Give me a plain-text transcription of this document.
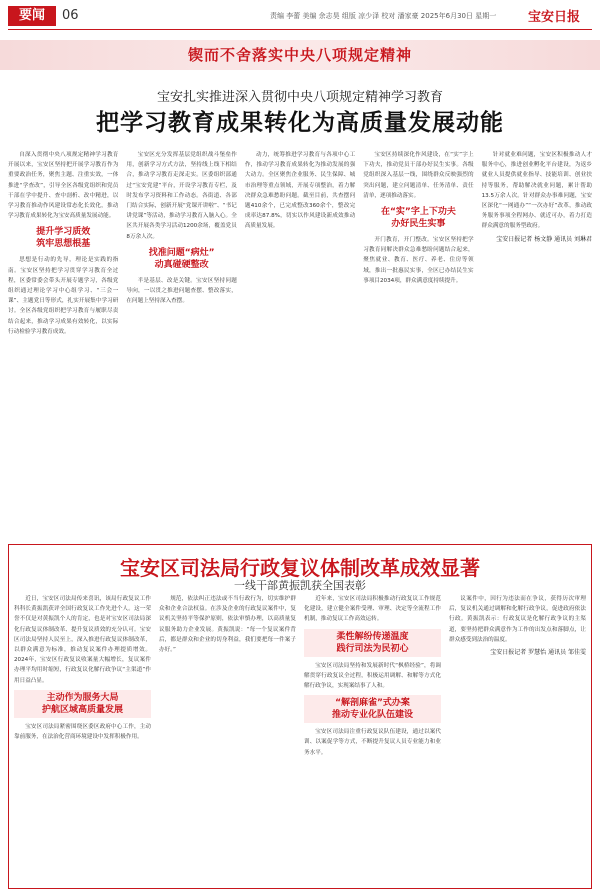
要闻	06	责编 李蕾 美编 余志昊 组版 凉少泽 校对 潘家豪 2025年6月30日 星期一 宝安日报
锲而不舍落实中央八项规定精神
宝安扎实推进深入贯彻中央八项规定精神学习教育
把学习教育成果转化为高质量发展动能

自深入贯彻中央八项规定精神学习教育开展以来，宝安区坚持把开展学习教育作为重要政治任务，聚焦主题、注重实效，一体推进“学查改”，引导全区各级党组织和党员干部在学中提升、查中剖析、改中精进，以学习教育推动作风建设常态化长效化，推动学习教育成果转化为宝安高质量发展动能。

提升学习质效
筑牢思想根基

思想是行动的先导，理论是实践的指南。宝安区坚持把学习贯穿学习教育全过程，区委常委会带头开展专题学习，各级党组织通过理论学习中心组学习、“三会一课”、主题党日等形式，扎实开展集中学习研讨。全区各级党组织把学习教育与履职尽责结合起来，推动学习成果有效转化，以实际行动检验学习教育成效。

宝安区充分发挥基层党组织战斗堡垒作用，创新学习方式方法，坚持线上线下相结合，推动学习教育走深走实。区委组织部通过“宝安党建”平台，开设学习教育专栏，及时发布学习资料和工作动态。各街道、各部门结合实际，创新开展“党课开讲啦”、“书记讲党课”等活动，推动学习教育入脑入心。全区共开展各类学习活动1200余场，覆盖党员8万余人次。

找准问题“病灶”
动真碰硬整改

半是基层、改是关键。宝安区坚持问题导向，一以贯之推进问题查摆、整改落实，在问题上坚持深入查摆。

动力，统筹推进学习教育与各项中心工作，推动学习教育成果转化为推动发展的强大动力。全区聚焦企业服务、民生保障、城市治理等重点领域，开展专项整治，着力解决群众急难愁盼问题。截至目前，共查摆问题410余个，已完成整改360余个，整改完成率达87.8%，切实以作风建设新成效推动高质量发展。

宝安区持续深化作风建设，在“实”字上下功夫，推动党员干部办好民生实事。各级党组织深入基层一线，围绕群众反映强烈的突出问题，建立问题清单、任务清单、责任清单，逐项推动落实。

在“实”字上下功夫
办好民生实事

开门教育，开门整改。宝安区坚持把学习教育同解决群众急难愁盼问题结合起来，聚焦就业、教育、医疗、养老、住房等领域，推出一批惠民实事，全区已办结民生实事项目2034项，群众满意度持续提升。

针对就业难问题，宝安区积极推动人才服务中心，推进创业孵化平台建设，为返乡就业人员提供就业指导、技能培训、创业扶持等服务，帮助解决就业问题，累计帮助13.5万余人次。针对群众办事难问题，宝安区深化“一网通办”“一次办好”改革，推动政务服务事项全程网办、就近可办，着力打造群众满意的服务型政府。

宝安日报记者 杨文静 通讯员 刘琳君
宝安区司法局行政复议体制改革成效显著
一线干部黄振凯获全国表彰

近日，宝安区司法局传来喜讯，该局行政复议工作科科长黄振凯获评全国行政复议工作先进个人。这一荣誉不仅是对黄振凯个人的肯定，也是对宝安区司法局深化行政复议体制改革、提升复议质效的充分认可。宝安区司法局坚持人民至上，深入推进行政复议体制改革，以群众满意为标准，推动复议案件办理提质增效。2024年，宝安区行政复议收案量大幅增长，复议案件办理平均用时缩短，行政复议化解行政争议“主渠道”作用日益凸显。

主动作为服务大局
护航区域高质量发展

宝安区司法局紧密围绕区委区政府中心工作，主动靠前服务，在法治化营商环境建设中发挥积极作用。

规范，依法纠正违法或不当行政行为，切实维护群众和企业合法权益。在涉及企业的行政复议案件中，复议机关坚持平等保护原则，依法审慎办理，以高质量复议服务助力企业发展。黄振凯说：“每一个复议案件背后，都是群众和企业的切身利益，我们要把每一件案子办好。”

近年来，宝安区司法局积极推动行政复议工作规范化建设，建立健全案件受理、审理、决定等全流程工作机制，推动复议工作高效运转。

柔性解纷传递温度
践行司法为民初心

宝安区司法局坚持和发展新时代“枫桥经验”，将调解贯穿行政复议全过程，积极运用调解、和解等方式化解行政争议，实现案结事了人和。

“解剖麻雀”式办案
推动专业化队伍建设

宝安区司法局注重行政复议队伍建设，通过以案代训、以案促学等方式，不断提升复议人员专业能力和业务水平。

议案件中，因行为违法而在争议，获得历次审理后，复议机关通过调解和化解行政争议，促进政府依法行政。黄振凯表示：行政复议是化解行政争议的主渠道，要坚持把群众满意作为工作的出发点和落脚点，让群众感受到法治的温度。

宝安日报记者 罗慧怡 通讯员 邹佳雯
